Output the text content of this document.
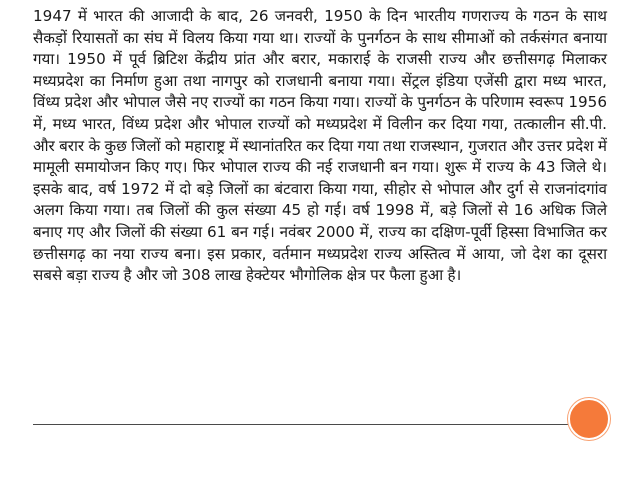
1947 में भारत की आजादी के बाद, 26 जनवरी, 1950 के दिन भारतीय गणराज्य के गठन के साथ सैकड़ों रियासतों का संघ में विलय किया गया था। राज्यों के पुनर्गठन के साथ सीमाओं को तर्कसंगत बनाया गया। 1950 में पूर्व ब्रिटिश केंद्रीय प्रांत और बरार, मकाराई के राजसी राज्य और छत्तीसगढ़ मिलाकर मध्यप्रदेश का निर्माण हुआ तथा नागपुर को राजधानी बनाया गया। सेंट्रल इंडिया एजेंसी द्वारा मध्य भारत, विंध्य प्रदेश और भोपाल जैसे नए राज्यों का गठन किया गया। राज्यों के पुनर्गठन के परिणाम स्वरूप 1956 में, मध्य भारत, विंध्य प्रदेश और भोपाल राज्यों को मध्यप्रदेश में विलीन कर दिया गया, तत्कालीन सी.पी. और बरार के कुछ जिलों को महाराष्ट्र में स्थानांतरित कर दिया गया तथा राजस्थान, गुजरात और उत्तर प्रदेश में मामूली समायोजन किए गए। फिर भोपाल राज्य की नई राजधानी बन गया। शुरू में राज्य के 43 जिले थे। इसके बाद, वर्ष 1972 में दो बड़े जिलों का बंटवारा किया गया, सीहोर से भोपाल और दुर्ग से राजनांदगांव अलग किया गया। तब जिलों की कुल संख्या 45 हो गई। वर्ष 1998 में, बड़े जिलों से 16 अधिक जिले बनाए गए और जिलों की संख्या 61 बन गई। नवंबर 2000 में, राज्य का दक्षिण-पूर्वी हिस्सा विभाजित कर छत्तीसगढ़ का नया राज्य बना। इस प्रकार, वर्तमान मध्यप्रदेश राज्य अस्तित्व में आया, जो देश का दूसरा सबसे बड़ा राज्य है और जो 308 लाख हेक्टेयर भौगोलिक क्षेत्र पर फैला हुआ है।
